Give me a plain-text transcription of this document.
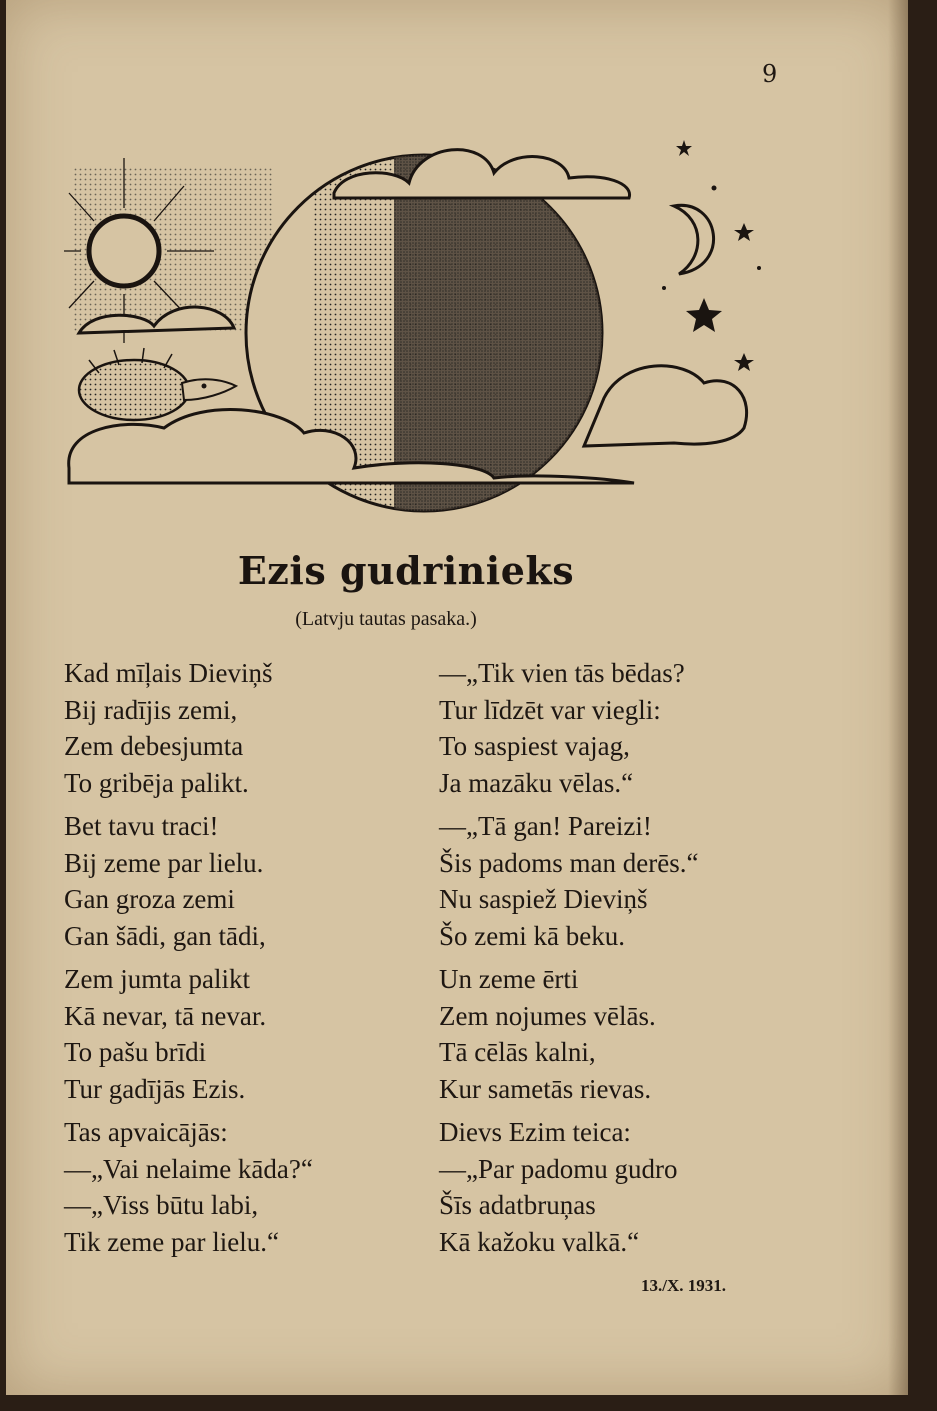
9
Ezis gudrinieks
(Latvju tautas pasaka.)
Kad mīļais Dieviņš
Bij radījis zemi,
Zem debesjumta
To gribēja palikt.
Bet tavu traci!
Bij zeme par lielu.
Gan groza zemi
Gan šādi, gan tādi,
Zem jumta palikt
Kā nevar, tā nevar.
To pašu brīdi
Tur gadījās Ezis.
Tas apvaicājās:
—„Vai nelaime kāda?“
—„Viss būtu labi,
Tik zeme par lielu.“
—„Tik vien tās bēdas?
Tur līdzēt var viegli:
To saspiest vajag,
Ja mazāku vēlas.“
—„Tā gan! Pareizi!
Šis padoms man derēs.“
Nu saspiež Dieviņš
Šo zemi kā beku.
Un zeme ērti
Zem nojumes vēlās.
Tā cēlās kalni,
Kur sametās rievas.
Dievs Ezim teica:
—„Par padomu gudro
Šīs adatbruņas
Kā kažoku valkā.“
13./X. 1931.
